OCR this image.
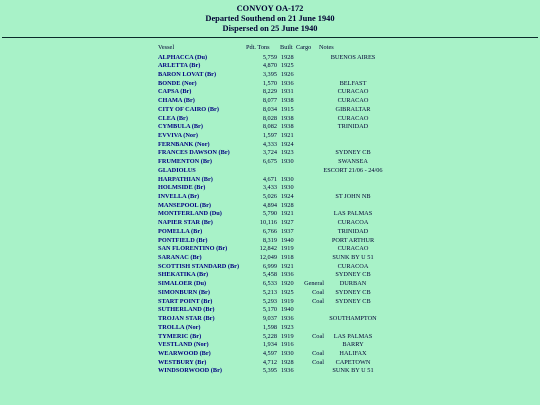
CONVOY OA-172
Departed Southend on 21 June 1940
Dispersed on 25 June 1940
Vessel	Pdt. Tons Built Cargo Notes
ALPHACCA (Du)	5,759 1928	BUENOS AIRES
ARLETTA (Br)	4,870 1925
BARON LOVAT (Br)	3,395 1926
BONDE (Nor)	1,570 1936	BELFAST
CAPSA (Br)	8,229 1931	CURACAO
CHAMA (Br)	8,077 1938	CURACAO
CITY OF CAIRO (Br)	8,034 1915	GIBRALTAR
CLEA (Br)	8,028 1938	CURACAO
CYMBULA (Br)	8,082 1938	TRINIDAD
EVVIVA (Nor)	1,597 1921
FERNBANK (Nor)	4,333 1924
FRANCES DAWSON (Br)	3,724 1923	SYDNEY CB
FRUMENTON (Br)	6,675 1930	SWANSEA
GLADIOLUS	ESCORT 21/06 - 24/06
HARPATHIAN (Br)	4,671 1930
HOLMSIDE (Br)	3,433 1930
INVELLA (Br)	5,026 1924	ST JOHN NB
MANSEPOOL (Br)	4,894 1928
MONTFERLAND (Du)	5,790 1921	LAS PALMAS
NAPIER STAR (Br)	10,116 1927	CURACOA
POMELLA (Br)	6,766 1937	TRINIDAD
PONTFIELD (Br)	8,319 1940	PORT ARTHUR
SAN FLORENTINO (Br)	12,842 1919	CURACAO
SARANAC (Br)	12,049 1918	SUNK BY U 51
SCOTTISH STANDARD (Br)	6,999 1921	CURACOA
SHEKATIKA (Br)	5,458 1936	SYDNEY CB
SIMALOER (Du)	6,533 1920	General	DURBAN
SIMONBURN (Br)	5,213 1925	Coal	SYDNEY CB
START POINT (Br)	5,293 1919	Coal	SYDNEY CB
SUTHERLAND (Br)	5,170 1940
TROJAN STAR (Br)	9,037 1936	SOUTHAMPTON
TROLLA (Nor)	1,598 1923
TYMERIC (Br)	5,228 1919	Coal	LAS PALMAS
VESTLAND (Nor)	1,934 1916	BARRY
WEARWOOD (Br)	4,597 1930	Coal	HALIFAX
WESTBURY (Br)	4,712 1928	Coal	CAPETOWN
WINDSORWOOD (Br)	5,395 1936	SUNK BY U 51
